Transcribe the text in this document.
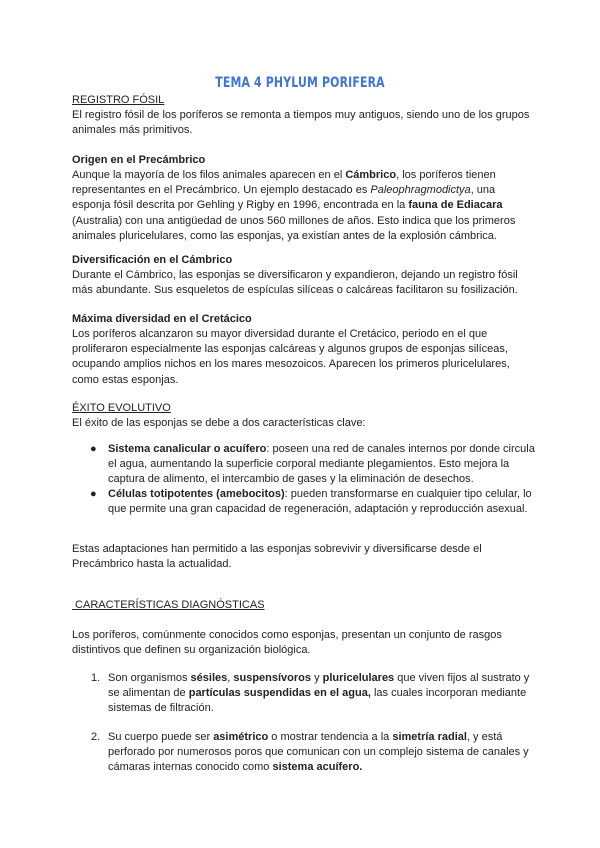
TEMA 4 PHYLUM PORIFERA

REGISTRO FÓSIL

El registro fósil de los poríferos se remonta a tiempos muy antiguos, siendo uno de los grupos animales más primitivos.

Origen en el Precámbrico

Aunque la mayoría de los filos animales aparecen en el Cámbrico, los poríferos tienen representantes en el Precámbrico. Un ejemplo destacado es Paleophragmodictya, una esponja fósil descrita por Gehling y Rigby en 1996, encontrada en la fauna de Ediacara (Australia) con una antigüedad de unos 560 millones de años. Esto indica que los primeros animales pluricelulares, como las esponjas, ya existían antes de la explosión cámbrica.

Diversificación en el Cámbrico

Durante el Cámbrico, las esponjas se diversificaron y expandieron, dejando un registro fósil más abundante. Sus esqueletos de espículas silíceas o calcáreas facilitaron su fosilización.

Máxima diversidad en el Cretácico

Los poríferos alcanzaron su mayor diversidad durante el Cretácico, periodo en el que proliferaron especialmente las esponjas calcáreas y algunos grupos de esponjas silíceas, ocupando amplios nichos en los mares mesozoicos. Aparecen los primeros pluricelulares, como estas esponjas.

ÉXITO EVOLUTIVO

El éxito de las esponjas se debe a dos características clave:

● Sistema canalicular o acuífero: poseen una red de canales internos por donde circula el agua, aumentando la superficie corporal mediante plegamientos. Esto mejora la captura de alimento, el intercambio de gases y la eliminación de desechos.
● Células totipotentes (amebocitos): pueden transformarse en cualquier tipo celular, lo que permite una gran capacidad de regeneración, adaptación y reproducción asexual.

Estas adaptaciones han permitido a las esponjas sobrevivir y diversificarse desde el Precámbrico hasta la actualidad.

CARACTERÍSTICAS DIAGNÓSTICAS

Los poríferos, comúnmente conocidos como esponjas, presentan un conjunto de rasgos distintivos que definen su organización biológica.

1. Son organismos sésiles, suspensívoros y pluricelulares que viven fijos al sustrato y se alimentan de partículas suspendidas en el agua, las cuales incorporan mediante sistemas de filtración.
2. Su cuerpo puede ser asimétrico o mostrar tendencia a la simetría radial, y está perforado por numerosos poros que comunican con un complejo sistema de canales y cámaras internas conocido como sistema acuífero.
